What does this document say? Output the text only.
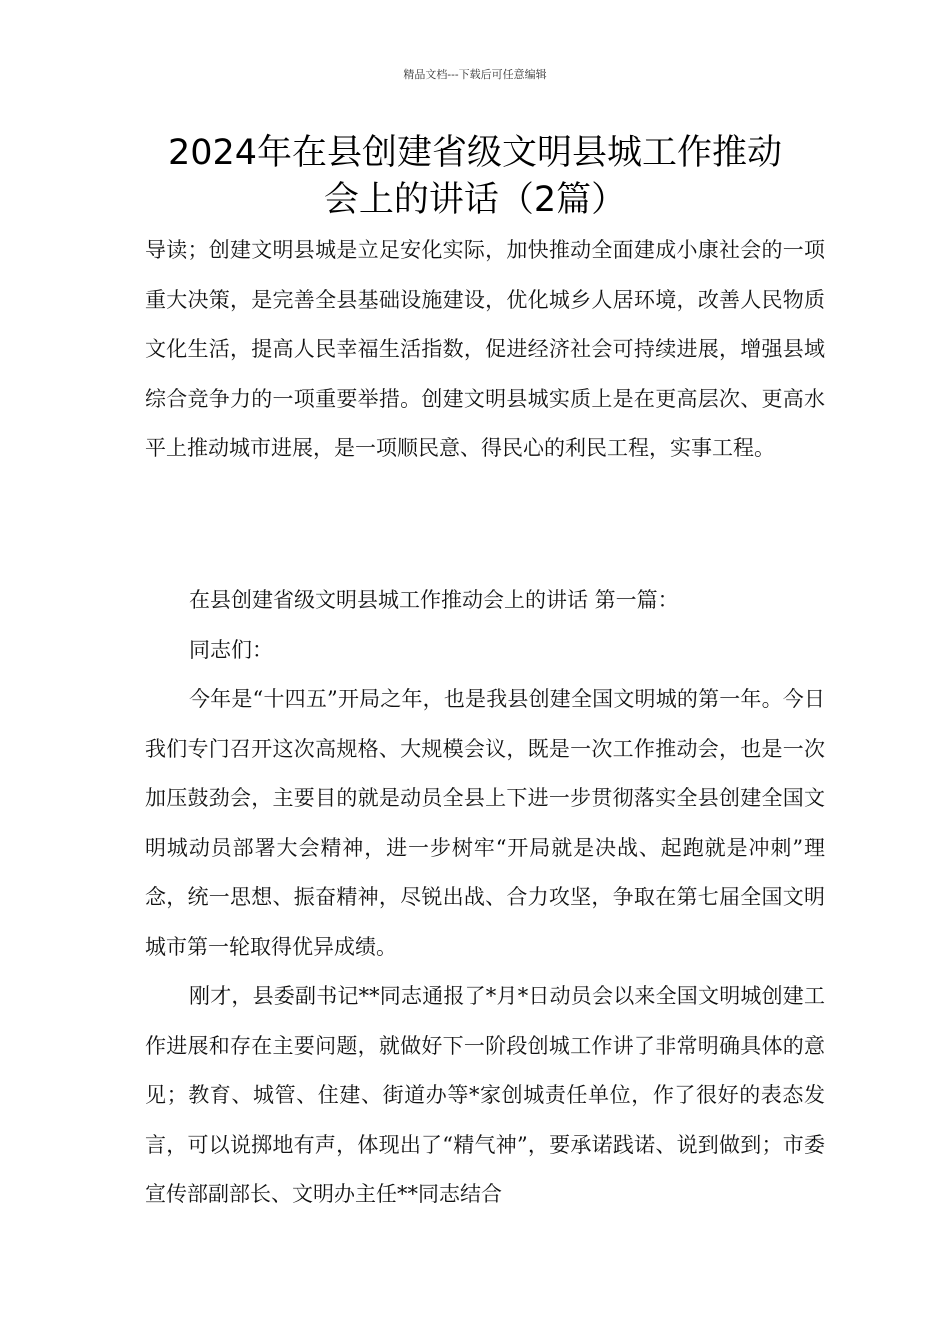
精品文档---下载后可任意编辑
2024年在县创建省级文明县城工作推动
会上的讲话（2篇）

导读；创建文明县城是立足安化实际，加快推动全面建成小康社会的一项重大决策，是完善全县基础设施建设，优化城乡人居环境，改善人民物质文化生活，提高人民幸福生活指数，促进经济社会可持续进展，增强县域综合竞争力的一项重要举措。创建文明县城实质上是在更高层次、更高水平上推动城市进展，是一项顺民意、得民心的利民工程，实事工程。

在县创建省级文明县城工作推动会上的讲话 第一篇：

同志们：

今年是“十四五”开局之年，也是我县创建全国文明城的第一年。今日我们专门召开这次高规格、大规模会议，既是一次工作推动会，也是一次加压鼓劲会，主要目的就是动员全县上下进一步贯彻落实全县创建全国文明城动员部署大会精神，进一步树牢“开局就是决战、起跑就是冲刺”理念，统一思想、振奋精神，尽锐出战、合力攻坚，争取在第七届全国文明城市第一轮取得优异成绩。

刚才，县委副书记**同志通报了*月*日动员会以来全国文明城创建工作进展和存在主要问题，就做好下一阶段创城工作讲了非常明确具体的意见；教育、城管、住建、街道办等*家创城责任单位，作了很好的表态发言，可以说掷地有声，体现出了“精气神”，要承诺践诺、说到做到；市委宣传部副部长、文明办主任**同志结合
